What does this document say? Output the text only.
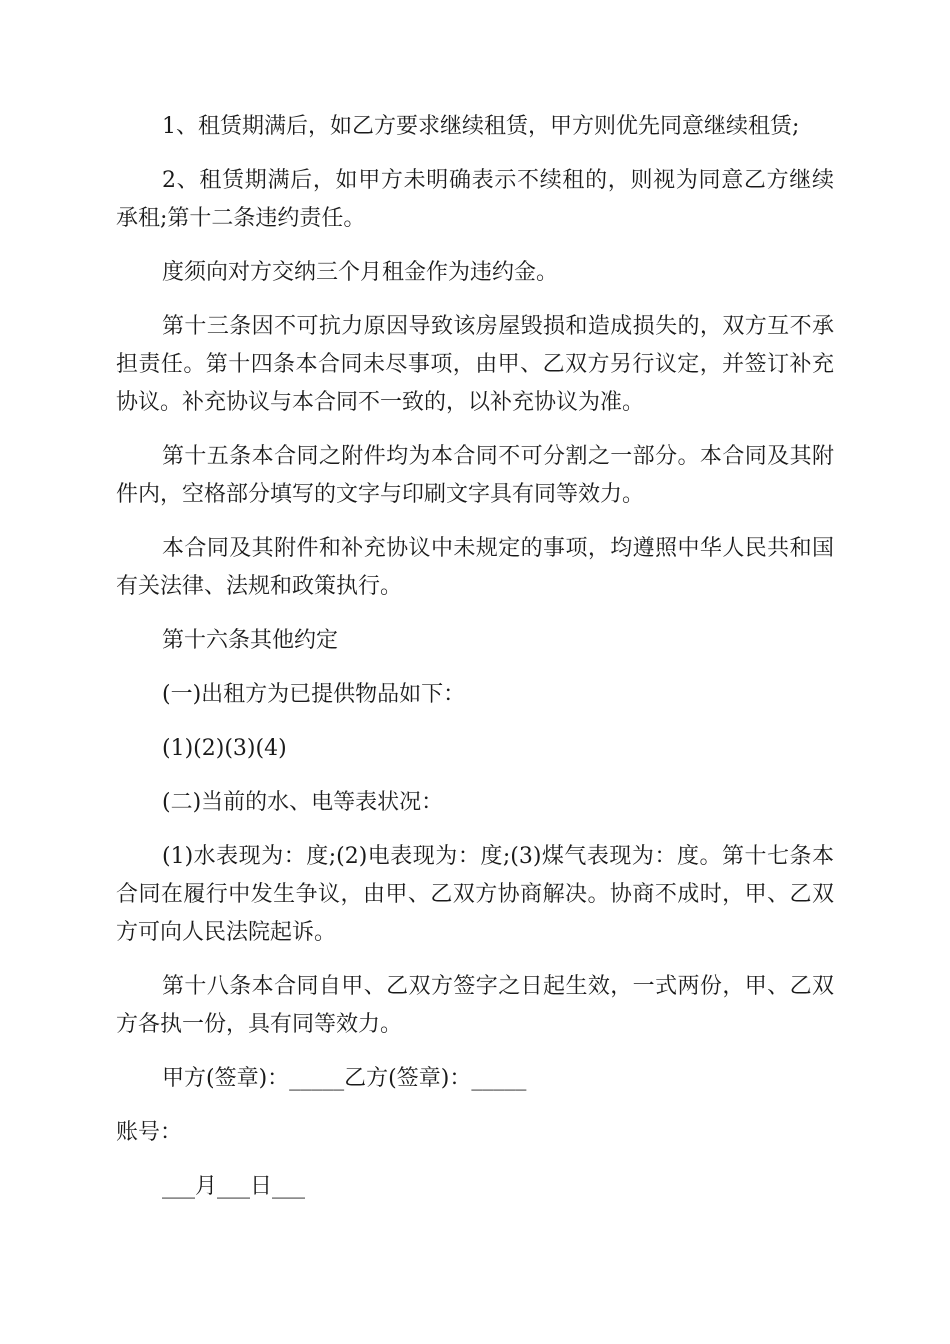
1、租赁期满后，如乙方要求继续租赁，甲方则优先同意继续租赁;

2、租赁期满后，如甲方未明确表示不续租的，则视为同意乙方继续承租;第十二条违约责任。

度须向对方交纳三个月租金作为违约金。

第十三条因不可抗力原因导致该房屋毁损和造成损失的，双方互不承担责任。第十四条本合同未尽事项，由甲、乙双方另行议定，并签订补充协议。补充协议与本合同不一致的，以补充协议为准。

第十五条本合同之附件均为本合同不可分割之一部分。本合同及其附件内，空格部分填写的文字与印刷文字具有同等效力。

本合同及其附件和补充协议中未规定的事项，均遵照中华人民共和国有关法律、法规和政策执行。

第十六条其他约定

(一)出租方为已提供物品如下：

(1)(2)(3)(4)

(二)当前的水、电等表状况：

(1)水表现为：度;(2)电表现为：度;(3)煤气表现为：度。第十七条本合同在履行中发生争议，由甲、乙双方协商解决。协商不成时，甲、乙双方可向人民法院起诉。

第十八条本合同自甲、乙双方签字之日起生效，一式两份，甲、乙双方各执一份，具有同等效力。

甲方(签章)：_____乙方(签章)：_____

账号：

___月___日___
